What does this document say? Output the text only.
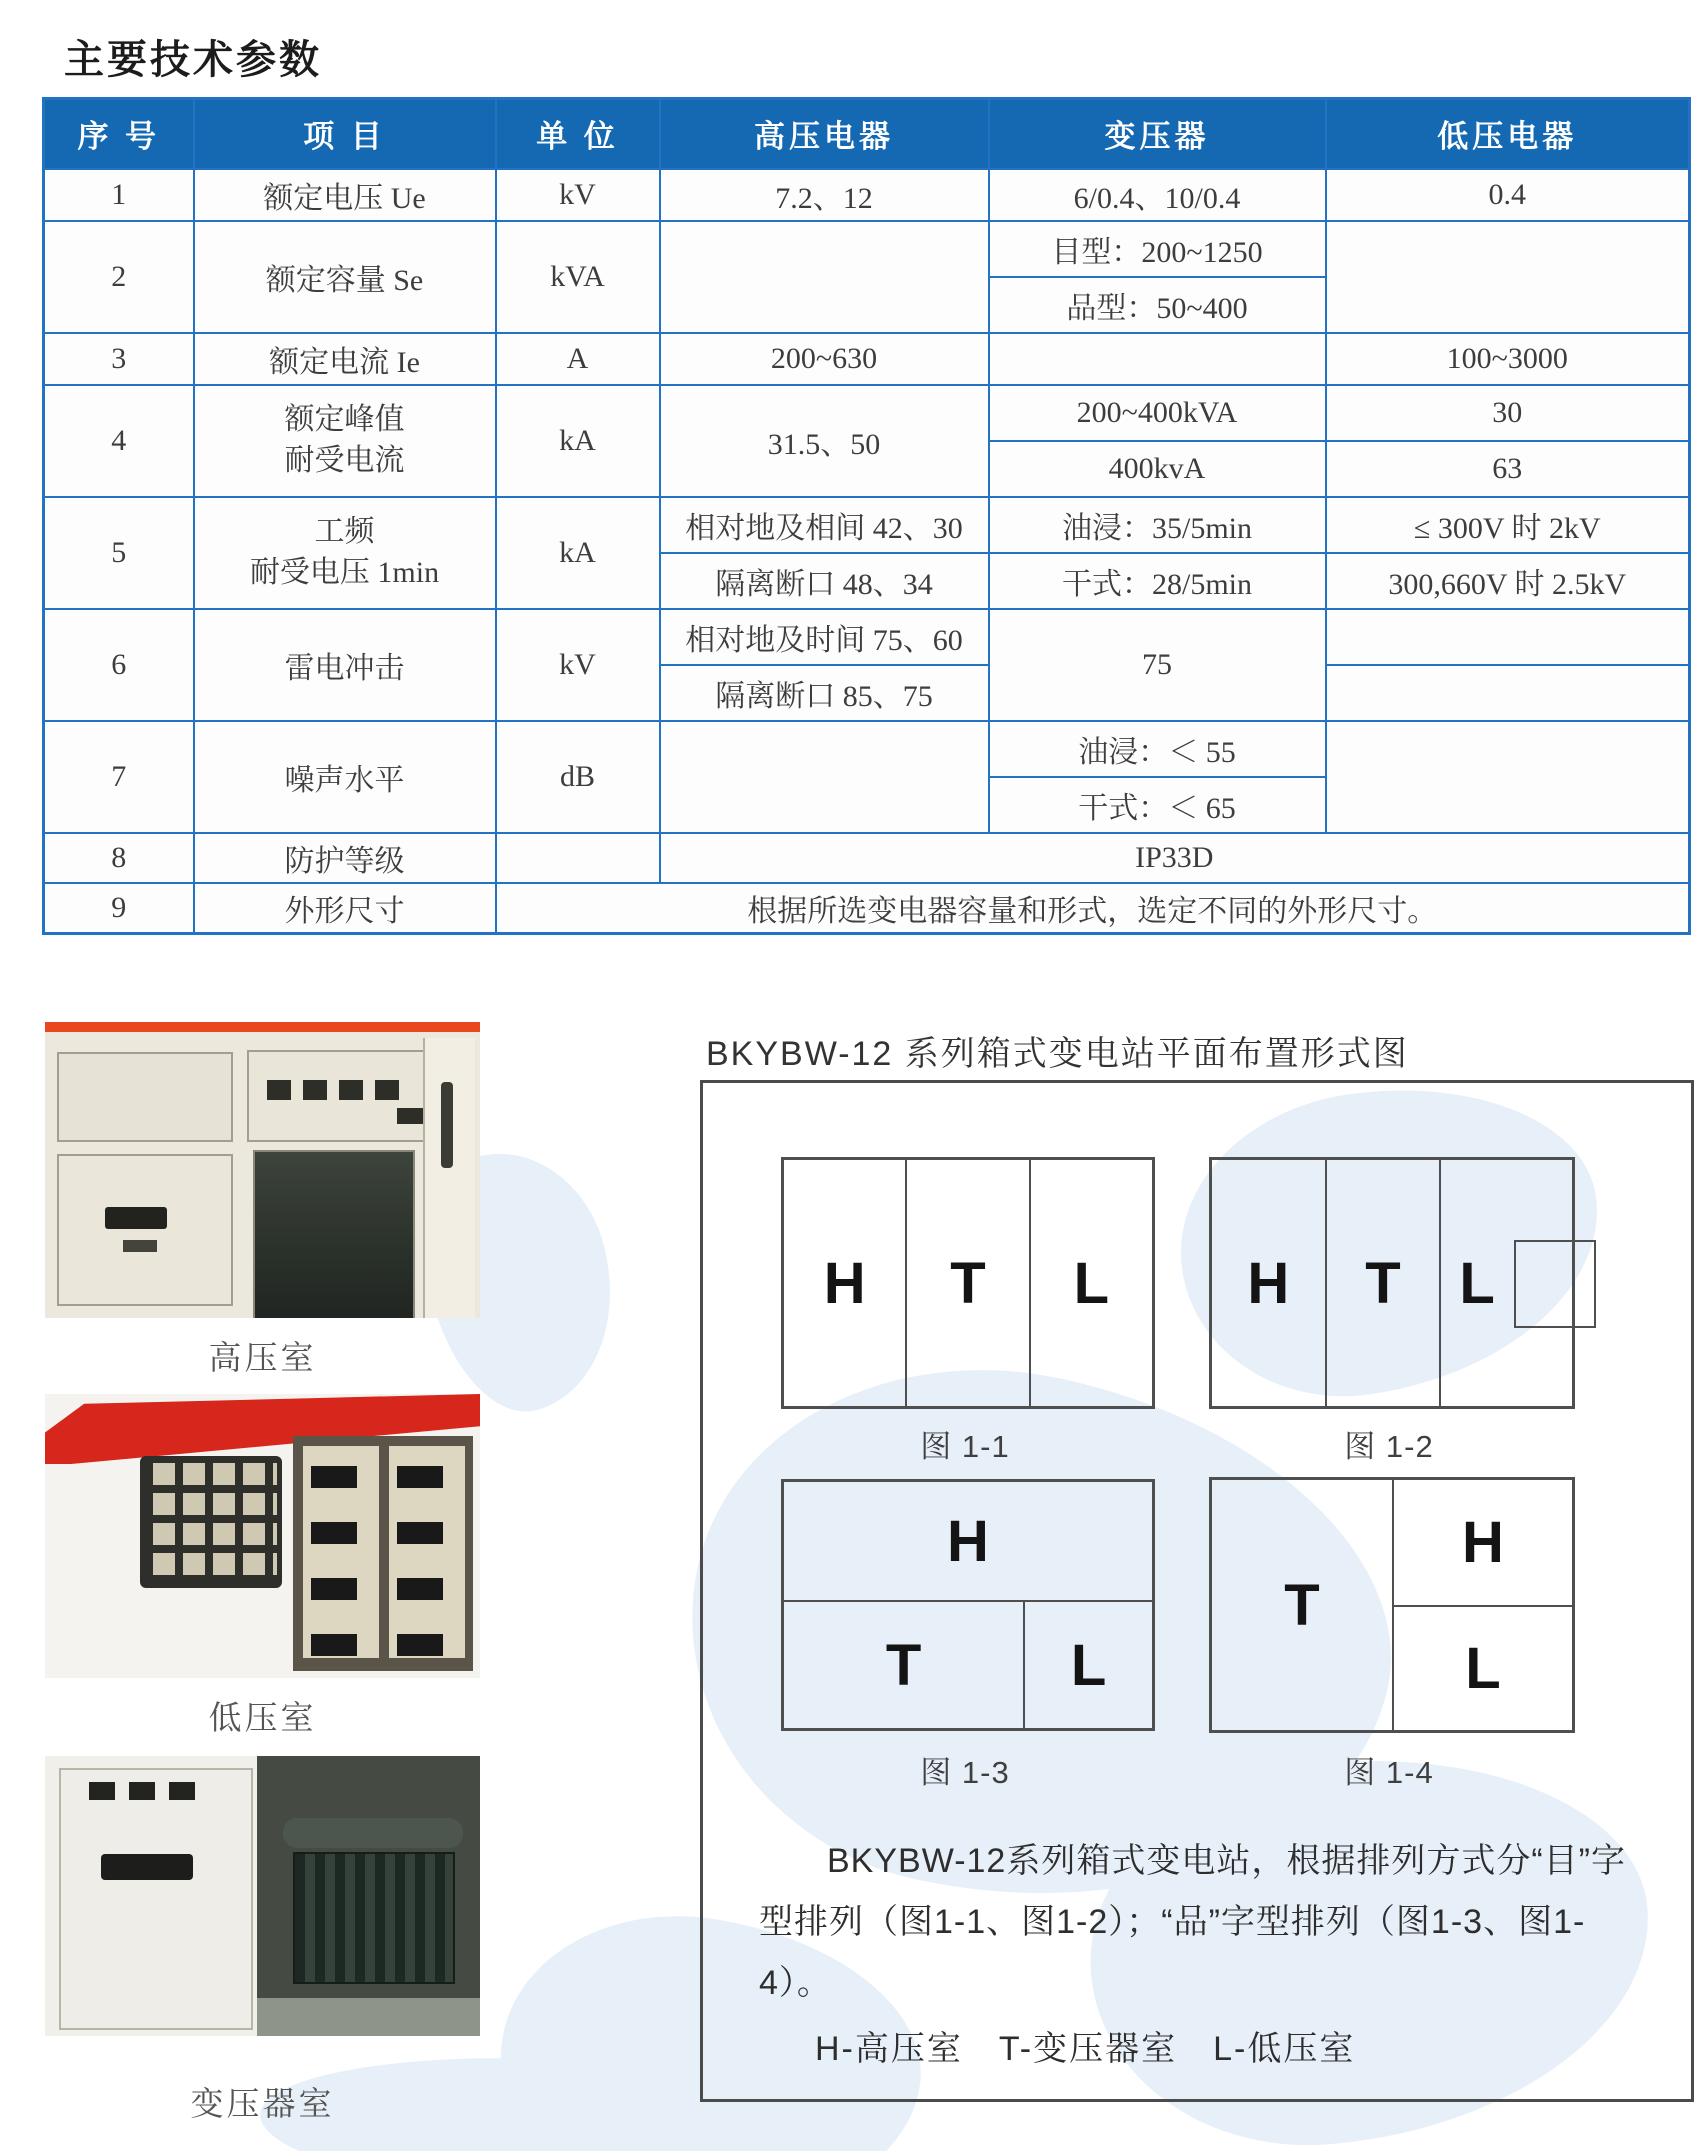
主要技术参数
序 号	项 目	单 位	高压电器	变压器	低压电器
1	额定电压 Ue	kV	7.2、12	6/0.4、10/0.4	0.4
2	额定容量 Se	kVA		目型：200~1250	
				品型：50~400	
3	额定电流 Ie	A	200~630		100~3000
4	额定峰值
耐受电流	kA	31.5、50	200~400kVA	30
				400kvA	63
5	工频
耐受电压 1min	kA	相对地及相间 42、30	油浸：35/5min	≤ 300V 时 2kV
			隔离断口 48、34	干式：28/5min	300,660V 时 2.5kV
6	雷电冲击	kV	相对地及时间 75、60	75	
			隔离断口 85、75		
7	噪声水平	dB		油浸：＜ 55	
				干式：＜ 65	
8	防护等级		IP33D		
9	外形尺寸	根据所选变电器容量和形式，选定不同的外形尺寸。			
高压室
低压室
变压器室
BKYBW-12 系列箱式变电站平面布置形式图
H	T	L
图 1-1
H	T	L
图 1-2
H
T	L
图 1-3
T
H
L
图 1-4
BKYBW-12系列箱式变电站，根据排列方式分“目”字型排列（图1-1、图1-2）；“品”字型排列（图1-3、图1-4）。
H-高压室　T-变压器室　L-低压室
